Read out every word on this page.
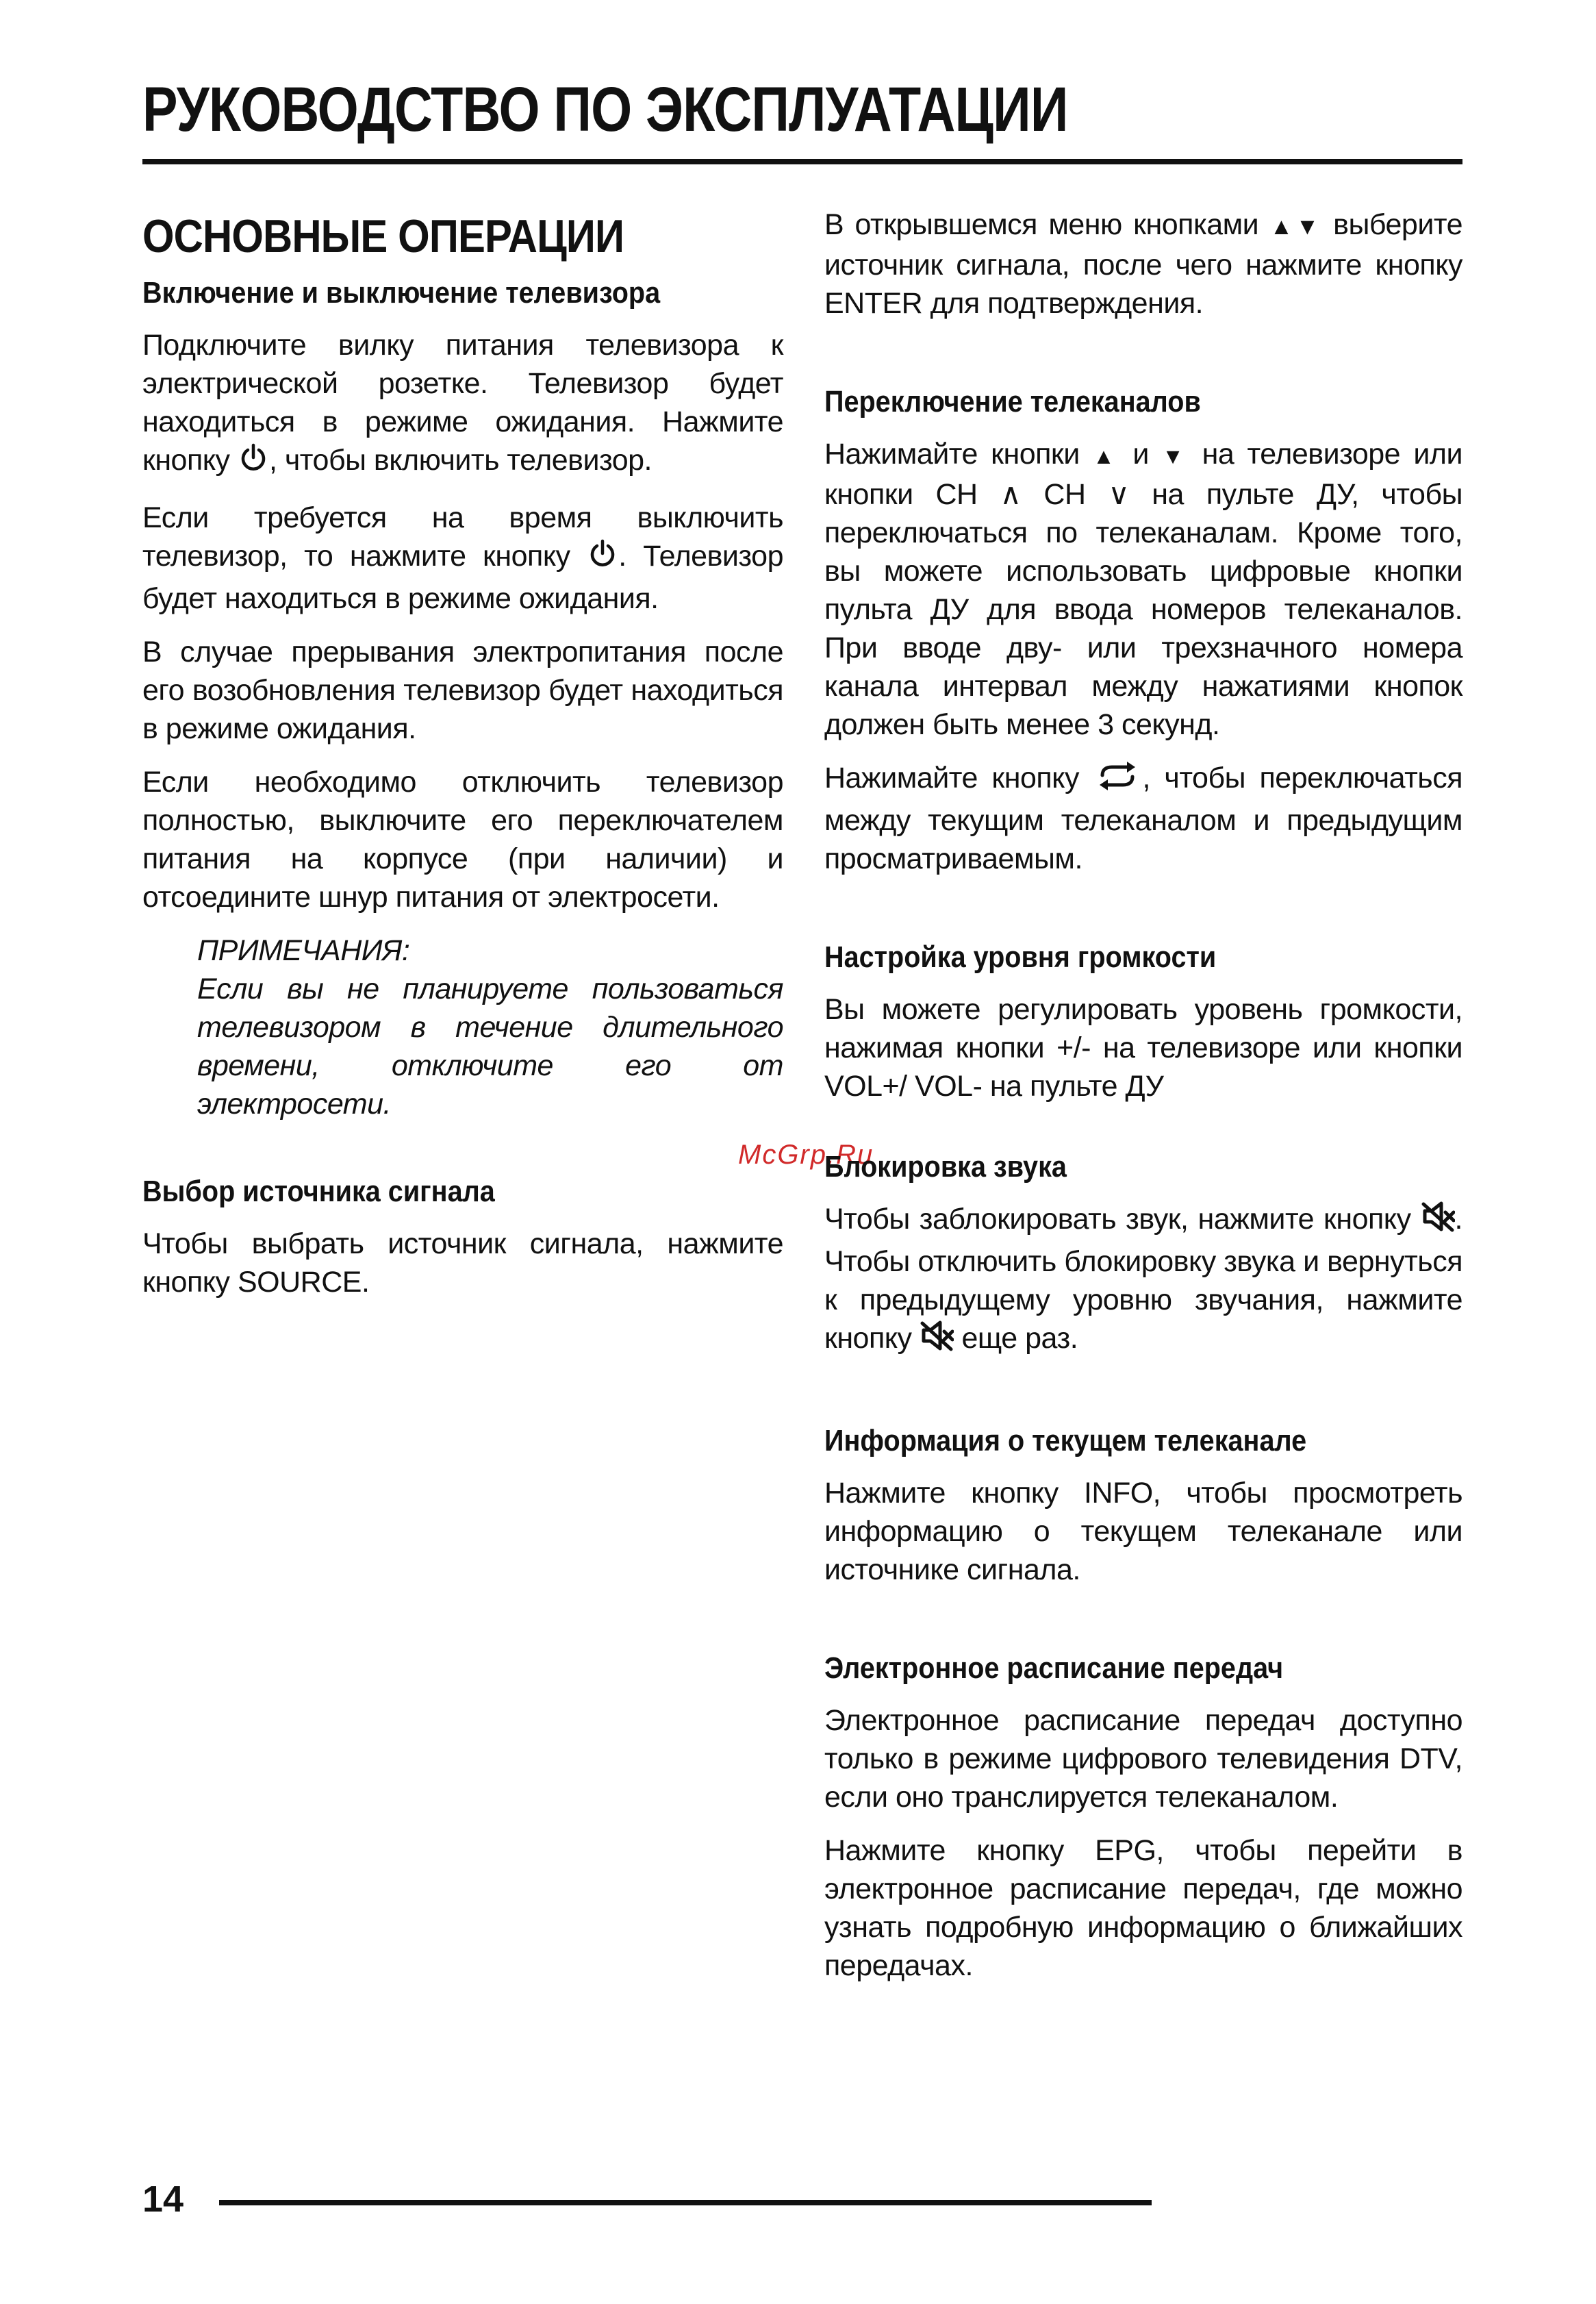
РУКОВОДСТВО ПО ЭКСПЛУАТАЦИИ
McGrp.Ru
ОСНОВНЫЕ ОПЕРАЦИИ
Включение и выключение телевизора

Подключите вилку питания телевизора к электрической розетке. Телевизор будет находиться в режиме ожидания. Нажмите кнопку , чтобы включить телевизор.

Если требуется на время выключить телевизор, то нажмите кнопку . Телевизор будет находиться в режиме ожидания.

В случае прерывания электропитания после его возобновления телевизор будет находиться в режиме ожидания.

Если необходимо отключить телевизор полностью, выключите его переключателем питания на корпусе (при наличии) и отсоедините шнур питания от электросети.

ПРИМЕЧАНИЯ:

Если вы не планируете пользоваться телевизором в течение длительного времени, отключите его от электросети.

Выбор источника сигнала

Чтобы выбрать источник сигнала, нажмите кнопку SOURCE.

В открывшемся меню кнопками ▲▼ выберите источник сигнала, после чего нажмите кнопку ENTER для подтверждения.

Переключение телеканалов

Нажимайте кнопки ▲ и ▼ на телевизоре или кнопки CH ∧ CH ∨ на пульте ДУ, чтобы переключаться по телеканалам. Кроме того, вы можете использовать цифровые кнопки пульта ДУ для ввода номеров телеканалов. При вводе дву- или трехзначного номера канала интервал между нажатиями кнопок должен быть менее 3 секунд.

Нажимайте кнопку , чтобы переключаться между текущим телеканалом и предыдущим просматриваемым.

Настройка уровня громкости

Вы можете регулировать уровень громкости, нажимая кнопки +/- на телевизоре или кнопки VOL+/ VOL- на пульте ДУ

Блокировка звука

Чтобы заблокировать звук, нажмите кнопку . Чтобы отключить блокировку звука и вернуться к предыдущему уровню звучания, нажмите кнопку  еще раз.

Информация о текущем телеканале

Нажмите кнопку INFO, чтобы просмотреть информацию о текущем телеканале или источнике сигнала.

Электронное расписание передач

Электронное расписание передач доступно только в режиме цифрового телевидения DTV, если оно транслируется телеканалом.

Нажмите кнопку EPG, чтобы перейти в электронное расписание передач, где можно узнать подробную информацию о ближайших передачах.

14
